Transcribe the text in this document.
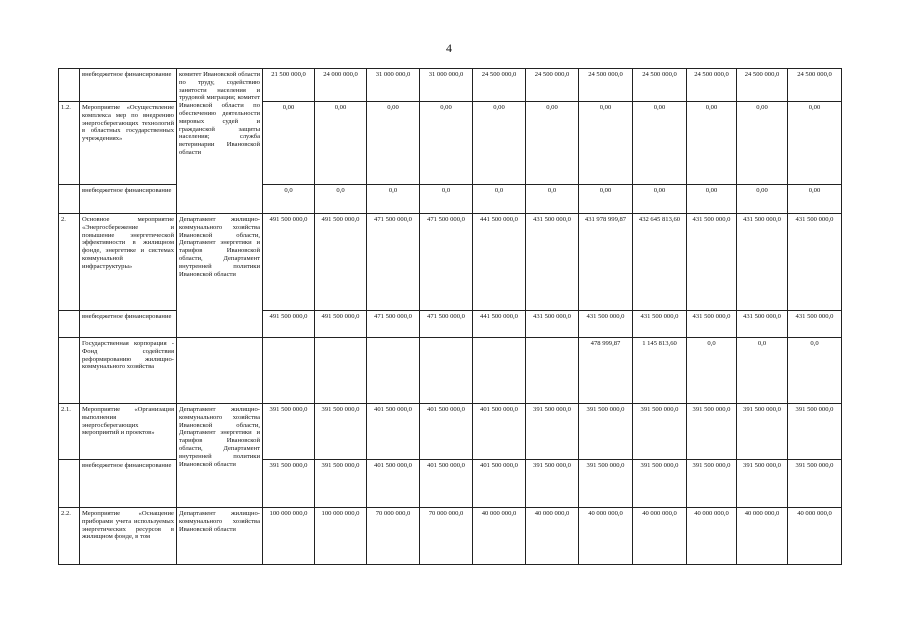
4
	внебюджетное финансирование	комитет Ивановской области по труду, содействию занятости населения и трудовой миграции; комитет Ивановской области по обеспечению деятельности мировых судей и гражданской защиты населения; служба ветеринарии Ивановской области	21 500 000,0	24 000 000,0	31 000 000,0	31 000 000,0	24 500 000,0	24 500 000,0	24 500 000,0	24 500 000,0	24 500 000,0	24 500 000,0	24 500 000,0
1.2.	Мероприятие «Осуществление комплекса мер по внедрению энергосберегающих технологий в областных государственных учреждениях»		0,00	0,00	0,00	0,00	0,00	0,00	0,00	0,00	0,00	0,00	0,00
	внебюджетное финансирование		0,0	0,0	0,0	0,0	0,0	0,0	0,00	0,00	0,00	0,00	0,00
2.	Основное мероприятие «Энергосбережение и повышение энергетической эффективности в жилищном фонде, энергетике и системах коммунальной инфраструктуры»	Департамент жилищно-коммунального хозяйства Ивановской области, Департамент энергетики и тарифов Ивановской области, Департамент внутренней политики Ивановской области	491 500 000,0	491 500 000,0	471 500 000,0	471 500 000,0	441 500 000,0	431 500 000,0	431 978 999,87	432 645 813,60	431 500 000,0	431 500 000,0	431 500 000,0
	внебюджетное финансирование		491 500 000,0	491 500 000,0	471 500 000,0	471 500 000,0	441 500 000,0	431 500 000,0	431 500 000,0	431 500 000,0	431 500 000,0	431 500 000,0	431 500 000,0
	Государственная корпорация - Фонд содействия реформированию жилищно-коммунального хозяйства								478 999,87	1 145 813,60	0,0	0,0	0,0
2.1.	Мероприятие «Организация выполнения энергосберегающих мероприятий и проектов»	Департамент жилищно-коммунального хозяйства Ивановской области, Департамент энергетики и тарифов Ивановской области, Департамент внутренней политики Ивановской области	391 500 000,0	391 500 000,0	401 500 000,0	401 500 000,0	401 500 000,0	391 500 000,0	391 500 000,0	391 500 000,0	391 500 000,0	391 500 000,0	391 500 000,0
	внебюджетное финансирование		391 500 000,0	391 500 000,0	401 500 000,0	401 500 000,0	401 500 000,0	391 500 000,0	391 500 000,0	391 500 000,0	391 500 000,0	391 500 000,0	391 500 000,0
2.2.	Мероприятие «Оснащение приборами учета используемых энергетических ресурсов в жилищном фонде, в том	Департамент жилищно-коммунального хозяйства Ивановской области	100 000 000,0	100 000 000,0	70 000 000,0	70 000 000,0	40 000 000,0	40 000 000,0	40 000 000,0	40 000 000,0	40 000 000,0	40 000 000,0	40 000 000,0
